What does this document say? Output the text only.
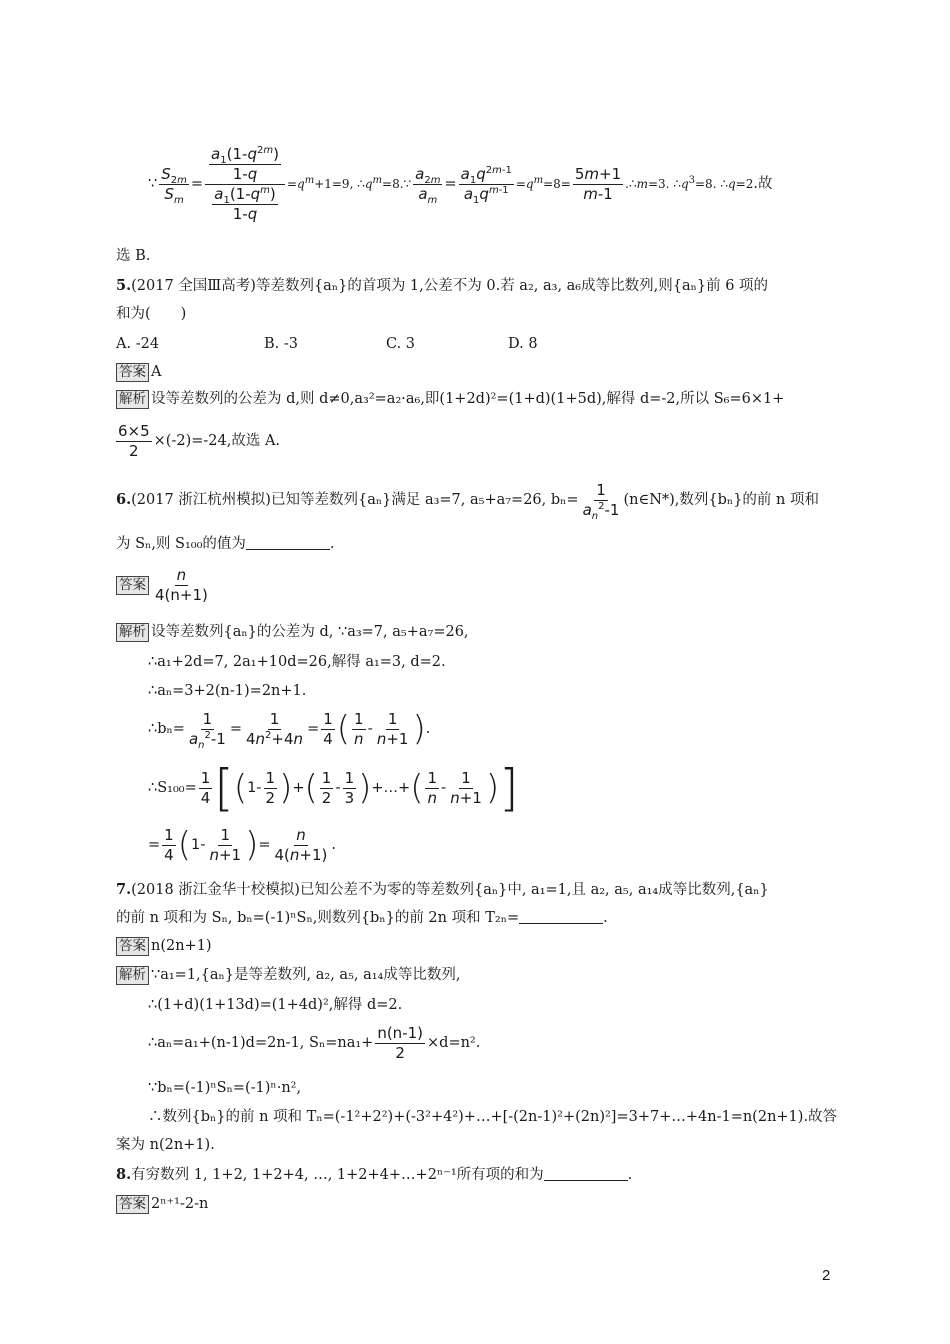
∵ $\frac{S_{2m}}{S_m} = \frac{\frac{a_1(1-q^{2m})}{1-q}}{\frac{a_1(1-q^m)}{1-q}} =q^m+1=9$, $\therefore q^m=8.\because \frac{a_{2m}}{a_m} = \frac{a_1q^{2m-1}}{a_1q^{m-1}} =q^m=8= \frac{5m+1}{m-1}$ .∴m=3. $\therefore q^3=8$. ∴q=2 .故
选 B.
5.(2017 全国Ⅲ高考)等差数列{aₙ}的首项为 1,公差不为 0.若 a₂, a₃, a₆成等比数列,则{aₙ}前 6 项的
和为( )
A. -24	B. -3	C. 3	D. 8
答案 A
解析 设等差数列的公差为 d,则 d≠0,a₃²=a₂·a₆,即(1+2d)²=(1+d)(1+5d),解得 d=-2,所以 S₆=6×1+
$\frac{6\times 5}{2} \times(-2)=-24$,故选 A.
6. (2017 浙江杭州模拟)已知等差数列{aₙ}满足 a₃=7, a₅+a₇=26, $b_n= \frac{1}{a_n^2-1}$ (n∈N*),数列{bₙ}的前 n 项和
为 Sₙ,则 S₁₀₀的值为	.
答案 $\frac{n}{4(n+1)}$
解析 设等差数列{aₙ}的公差为 d, ∵a₃=7, a₅+a₇=26,
∴a₁+2d=7, 2a₁+10d=26,解得 a₁=3, d=2.
∴aₙ=3+2(n-1)=2n+1.
∴bₙ= $\frac{1}{a_n^2-1} = \frac{1}{4n^2+4n} = \frac{1}{4}$ ( $\frac{1}{n} - \frac{1}{n+1}$ ) .
∴S₁₀₀= $\frac{1}{4}$ [ ( $1- \frac{1}{2}$ ) + ( $\frac{1}{2} - \frac{1}{3}$ ) +…+ ( $\frac{1}{n} - \frac{1}{n+1}$ ) ]
= $\frac{1}{4}$ ( $1- \frac{1}{n+1}$ ) = $\frac{n}{4(n+1)}$ .
7.(2018 浙江金华十校模拟)已知公差不为零的等差数列{aₙ}中, a₁=1,且 a₂, a₅, a₁₄成等比数列,{aₙ}
的前 n 项和为 Sₙ, bₙ=(-1)ⁿSₙ,则数列{bₙ}的前 2n 项和 T₂ₙ=	.
答案 n(2n+1)
解析 ∵a₁=1,{aₙ}是等差数列, a₂, a₅, a₁₄成等比数列,
∴(1+d)(1+13d)=(1+4d)²,解得 d=2.
∴aₙ=a₁+(n-1)d=2n-1, $S_n=na_1+ \frac{n(n-1)}{2} \times d=n^2$.
∵bₙ=(-1)ⁿSₙ=(-1)ⁿ·n²,
∴数列{bₙ}的前 n 项和 Tₙ=(-1²+2²)+(-3²+4²)+…+[-(2n-1)²+(2n)²]=3+7+…+4n-1=n(2n+1).故答
案为 n(2n+1).
8.有穷数列 1, 1+2, 1+2+4, …, 1+2+4+…+2ⁿ⁻¹所有项的和为	.
答案 2ⁿ⁺¹-2-n
2
